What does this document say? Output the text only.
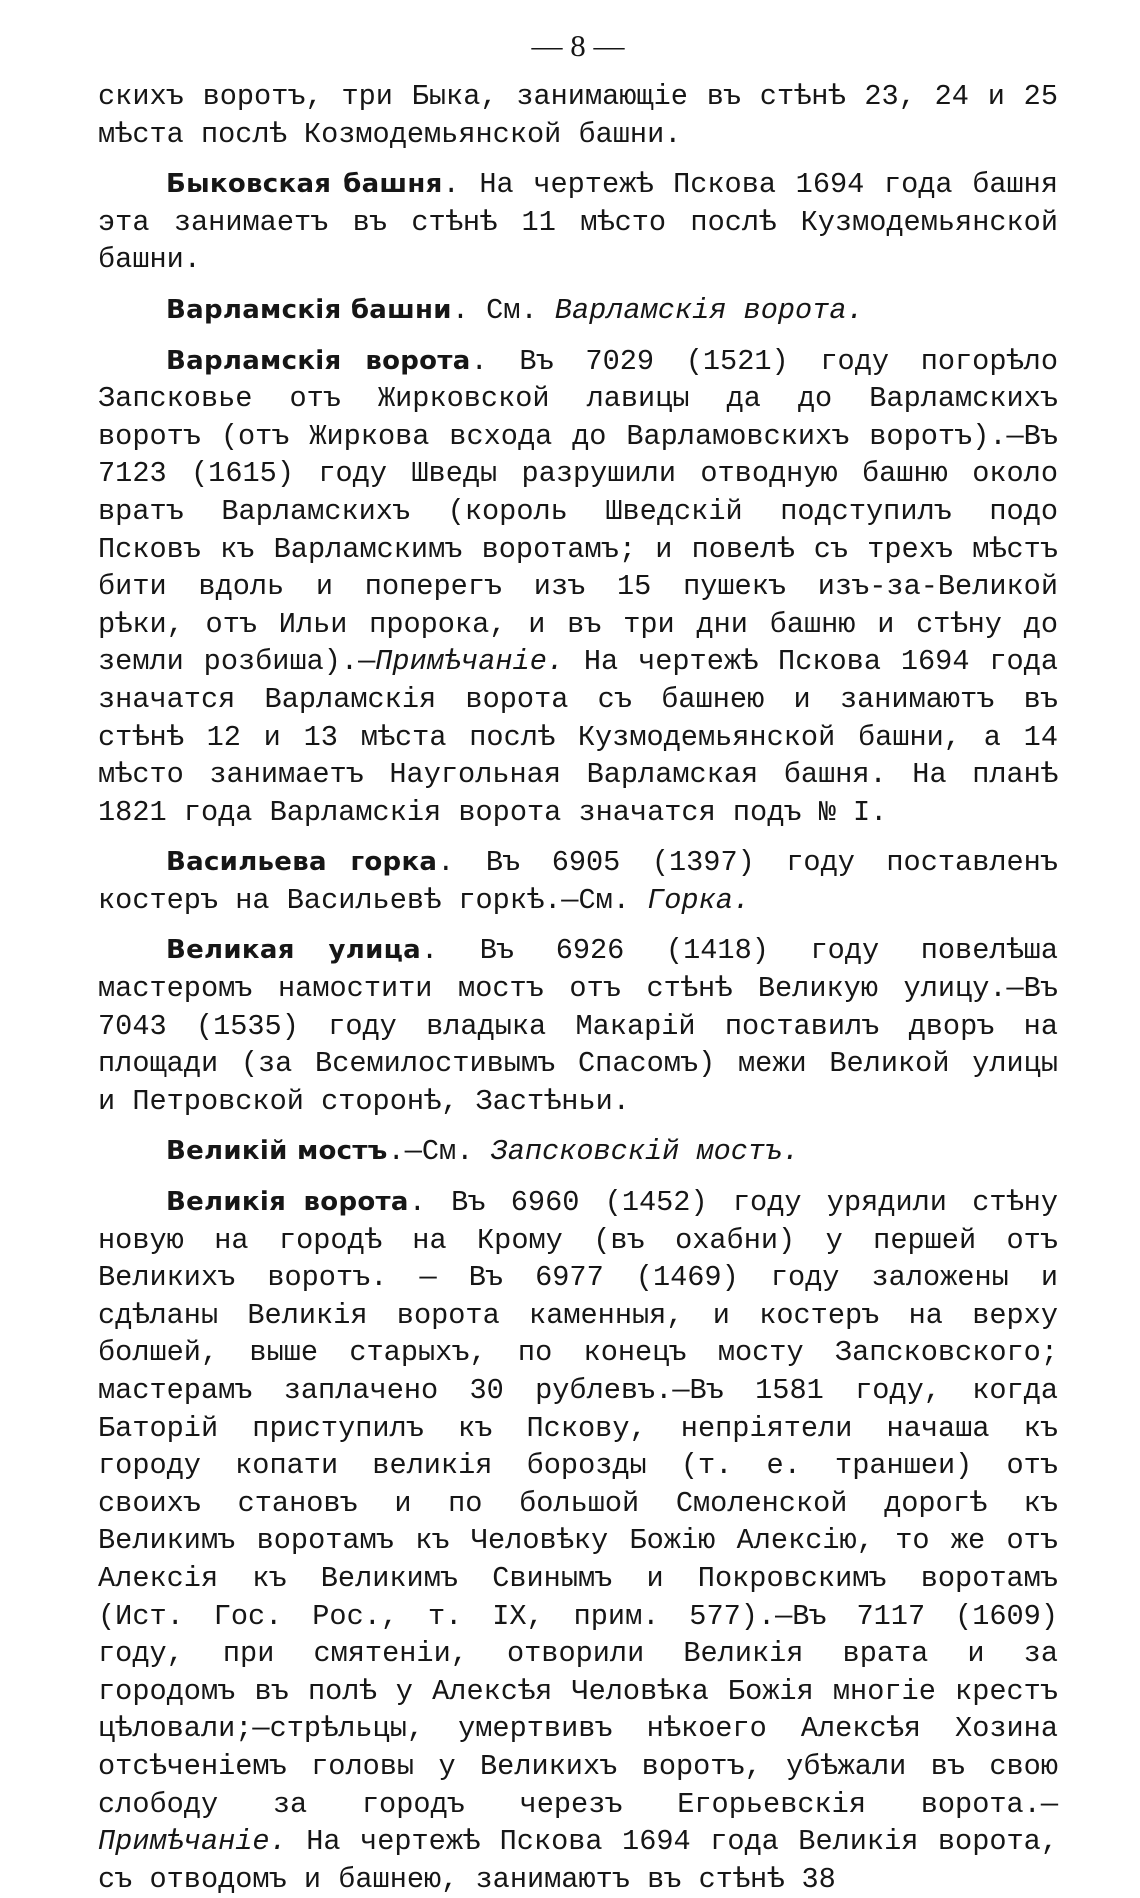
— 8 —

скихъ воротъ, три Быка, занимающіе въ стѣнѣ 23, 24 и 25 мѣста послѣ Козмодемьянской башни.

Быковская башня. На чертежѣ Пскова 1694 года башня эта занимаетъ въ стѣнѣ 11 мѣсто послѣ Кузмодемьянской башни.

Варламскія башни. См. Варламскія ворота.

Варламскія ворота. Въ 7029 (1521) году погорѣло Запсковье отъ Жирковской лавицы да до Варламскихъ воротъ (отъ Жиркова всхода до Варламовскихъ воротъ).—Въ 7123 (1615) году Шведы разрушили отводную башню около вратъ Варламскихъ (король Шведскій подступилъ подо Псковъ къ Варламскимъ воротамъ; и повелѣ съ трехъ мѣстъ бити вдоль и поперегъ изъ 15 пушекъ изъ-за-Великой рѣки, отъ Ильи пророка, и въ три дни башню и стѣну до земли розбиша).—Примѣчаніе. На чертежѣ Пскова 1694 года значатся Варламскія ворота съ башнею и занимаютъ въ стѣнѣ 12 и 13 мѣста послѣ Кузмодемьянской башни, а 14 мѣсто занимаетъ Наугольная Варламская башня. На планѣ 1821 года Варламскія ворота значатся подъ № I.

Васильева горка. Въ 6905 (1397) году поставленъ костеръ на Васильевѣ горкѣ.—См. Горка.

Великая улица. Въ 6926 (1418) году повелѣша мастеромъ намостити мостъ отъ стѣнѣ Великую улицу.—Въ 7043 (1535) году владыка Макарій поставилъ дворъ на площади (за Всемилостивымъ Спасомъ) межи Великой улицы и Петровской сторонѣ, Застѣньи.

Великій мостъ.—См. Запсковскій мостъ.

Великія ворота. Въ 6960 (1452) году урядили стѣну новую на городѣ на Крому (въ охабни) у першей отъ Великихъ воротъ. — Въ 6977 (1469) году заложены и сдѣланы Великія ворота каменныя, и костеръ на верху болшей, выше старыхъ, по конецъ мосту Запсковского; мастерамъ заплачено 30 рублевъ.—Въ 1581 году, когда Баторій приступилъ къ Пскову, непріятели начаша къ городу копати великія борозды (т. е. траншеи) отъ своихъ становъ и по большой Смоленской дорогѣ къ Великимъ воротамъ къ Человѣку Божію Алексію, то же отъ Алексія къ Великимъ Свинымъ и Покровскимъ воротамъ (Ист. Гос. Рос., т. IX, прим. 577).—Въ 7117 (1609) году, при смятеніи, отворили Великія врата и за городомъ въ полѣ у Алексѣя Человѣка Божія многіе крестъ цѣловали;—стрѣльцы, умертвивъ нѣкоего Алексѣя Хозина отсѣченіемъ головы у Великихъ воротъ, убѣжали въ свою слободу за городъ черезъ Егорьевскія ворота.—Примѣчаніе. На чертежѣ Пскова 1694 года Великія ворота, съ отводомъ и башнею, занимаютъ въ стѣнѣ 38
